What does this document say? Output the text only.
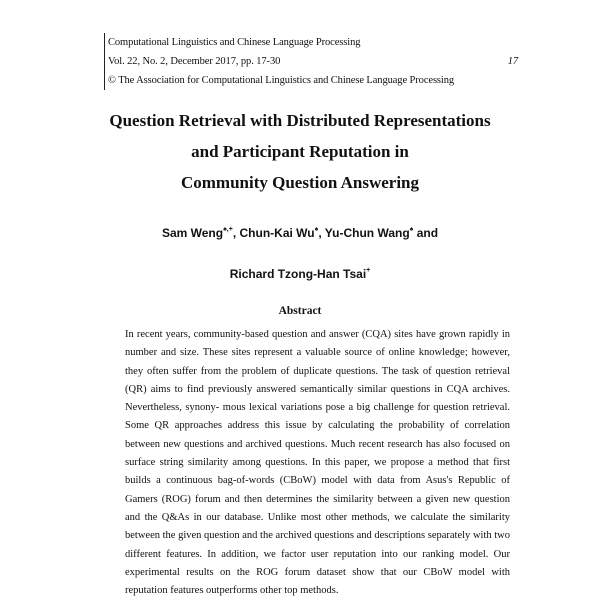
Computational Linguistics and Chinese Language Processing
Vol. 22, No. 2, December 2017, pp. 17-30	17
© The Association for Computational Linguistics and Chinese Language Processing
Question Retrieval with Distributed Representations
and Participant Reputation in
Community Question Answering
Sam Weng♠,+, Chun-Kai Wu♠, Yu-Chun Wang♠ and
Richard Tzong-Han Tsai+
Abstract
In recent years, community-based question and answer (CQA) sites have grown rapidly in number and size. These sites represent a valuable source of online knowledge; however, they often suffer from the problem of duplicate questions. The task of question retrieval (QR) aims to find previously answered semantically similar questions in CQA archives. Nevertheless, synony- mous lexical variations pose a big challenge for question retrieval. Some QR approaches address this issue by calculating the probability of correlation between new questions and archived questions. Much recent research has also focused on surface string similarity among questions. In this paper, we propose a method that first builds a continuous bag-of-words (CBoW) model with data from Asus's Republic of Gamers (ROG) forum and then determines the similarity between a given new question and the Q&As in our database. Unlike most other methods, we calculate the similarity between the given question and the archived questions and descriptions separately with two different features. In addition, we factor user reputation into our ranking model. Our experimental results on the ROG forum dataset show that our CBoW model with reputation features outperforms other top methods.
